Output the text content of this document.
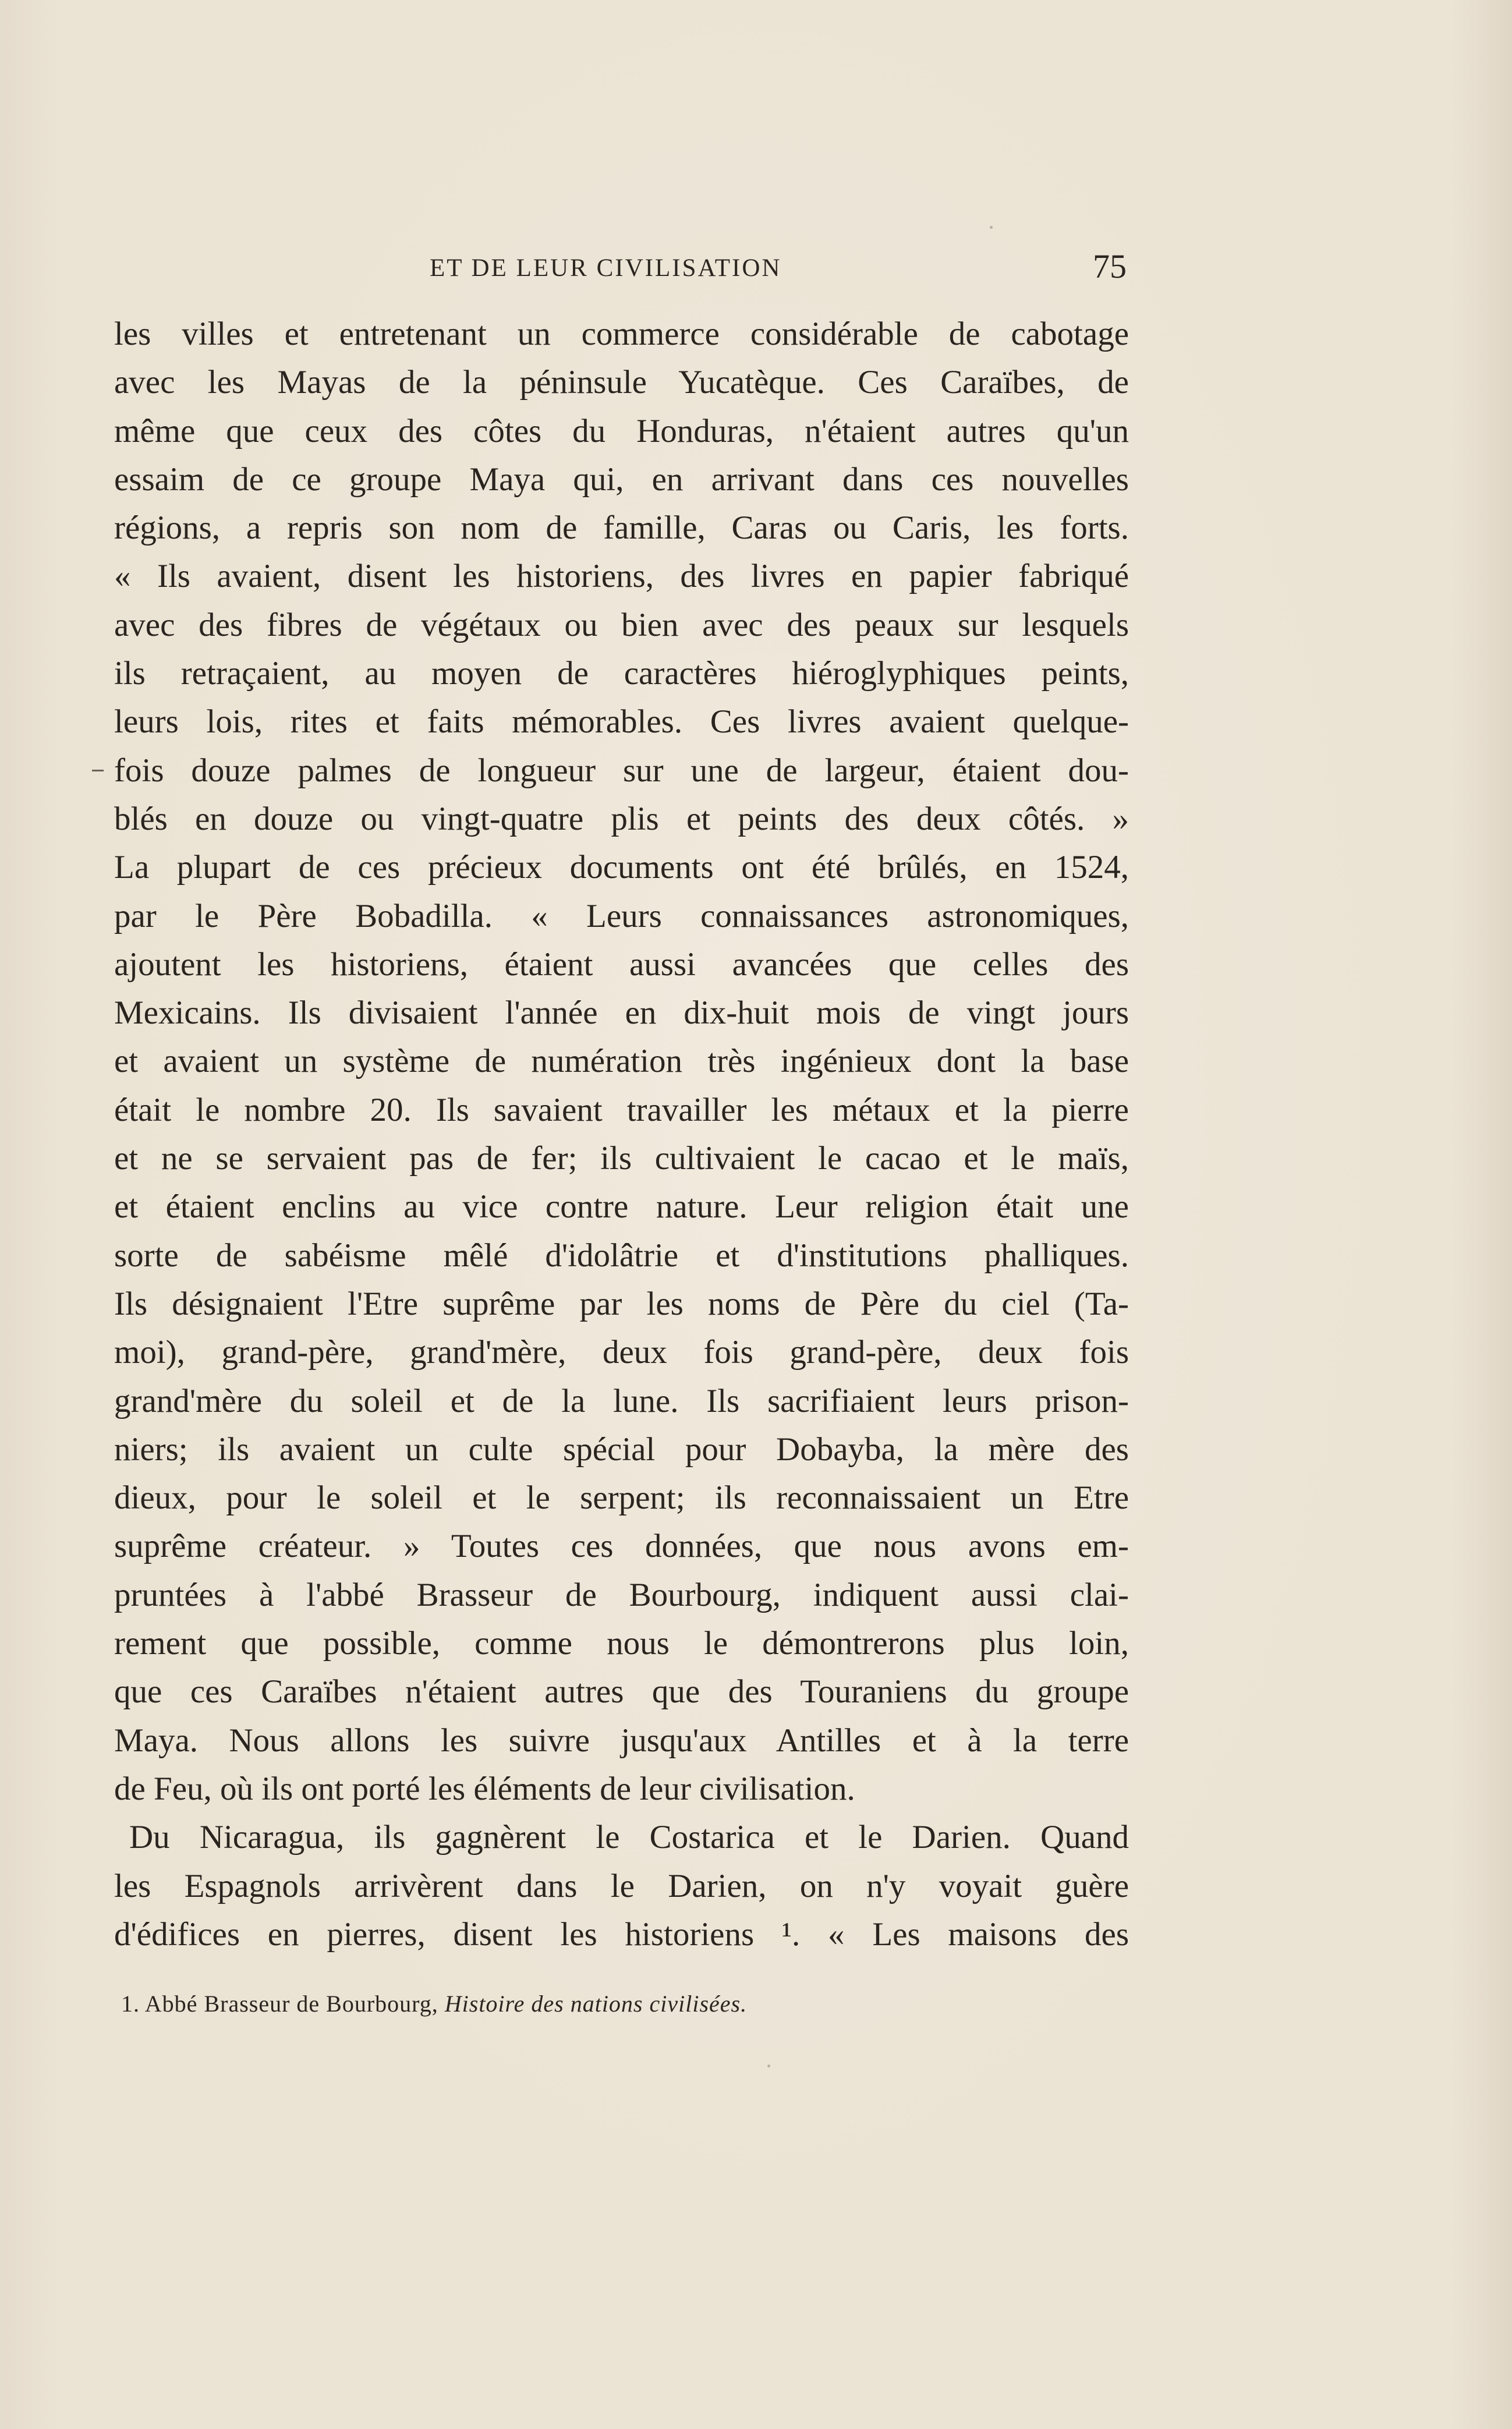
ET DE LEUR CIVILISATION	75
les villes et entretenant un commerce considérable de cabotage
avec les Mayas de la péninsule Yucatèque. Ces Caraïbes, de
même que ceux des côtes du Honduras, n'étaient autres qu'un
essaim de ce groupe Maya qui, en arrivant dans ces nouvelles
régions, a repris son nom de famille, Caras ou Caris, les forts.
« Ils avaient, disent les historiens, des livres en papier fabriqué
avec des fibres de végétaux ou bien avec des peaux sur lesquels
ils retraçaient, au moyen de caractères hiéroglyphiques peints,
leurs lois, rites et faits mémorables. Ces livres avaient quelque-
fois douze palmes de longueur sur une de largeur, étaient dou-
blés en douze ou vingt-quatre plis et peints des deux côtés. »
La plupart de ces précieux documents ont été brûlés, en 1524,
par le Père Bobadilla. « Leurs connaissances astronomiques,
ajoutent les historiens, étaient aussi avancées que celles des
Mexicains. Ils divisaient l'année en dix-huit mois de vingt jours
et avaient un système de numération très ingénieux dont la base
était le nombre 20. Ils savaient travailler les métaux et la pierre
et ne se servaient pas de fer; ils cultivaient le cacao et le maïs,
et étaient enclins au vice contre nature. Leur religion était une
sorte de sabéisme mêlé d'idolâtrie et d'institutions phalliques.
Ils désignaient l'Etre suprême par les noms de Père du ciel (Ta-
moi), grand-père, grand'mère, deux fois grand-père, deux fois
grand'mère du soleil et de la lune. Ils sacrifiaient leurs prison-
niers; ils avaient un culte spécial pour Dobayba, la mère des
dieux, pour le soleil et le serpent; ils reconnaissaient un Etre
suprême créateur. » Toutes ces données, que nous avons em-
pruntées à l'abbé Brasseur de Bourbourg, indiquent aussi clai-
rement que possible, comme nous le démontrerons plus loin,
que ces Caraïbes n'étaient autres que des Touraniens du groupe
Maya. Nous allons les suivre jusqu'aux Antilles et à la terre
de Feu, où ils ont porté les éléments de leur civilisation.
Du Nicaragua, ils gagnèrent le Costarica et le Darien. Quand
les Espagnols arrivèrent dans le Darien, on n'y voyait guère
d'édifices en pierres, disent les historiens ¹. « Les maisons des
1. Abbé Brasseur de Bourbourg, Histoire des nations civilisées.
